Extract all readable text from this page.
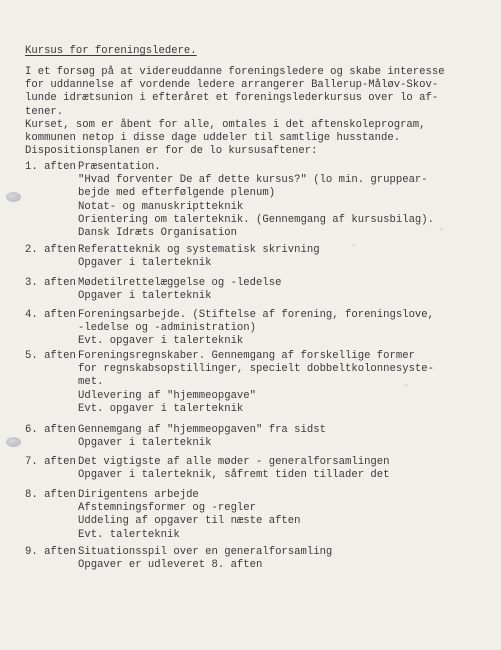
Kursus for foreningsledere.
I et forsøg på at videreuddanne foreningsledere og skabe interesse
for uddannelse af vordende ledere arrangerer Ballerup-Måløv-Skov-
lunde idrætsunion i efteråret et foreningslederkursus over lo af-
tener.
Kurset, som er åbent for alle, omtales i det aftenskoleprogram,
kommunen netop i disse dage uddeler til samtlige husstande.
Dispositionsplanen er for de lo kursusaftener:
1. aften Præsentation.
"Hvad forventer De af dette kursus?" (lo min. gruppear-
bejde med efterfølgende plenum)
Notat- og manuskriptteknik
Orientering om talerteknik. (Gennemgang af kursusbilag).
Dansk Idræts Organisation
2. aften Referatteknik og systematisk skrivning
Opgaver i talerteknik
3. aften Mødetilrettelæggelse og -ledelse
Opgaver i talerteknik
4. aften Foreningsarbejde. (Stiftelse af forening, foreningslove,
-ledelse og -administration)
Evt. opgaver i talerteknik
5. aften Foreningsregnskaber. Gennemgang af forskellige former
for regnskabsopstillinger, specielt dobbeltkolonnesyste-
met.
Udlevering af "hjemmeopgave"
Evt. opgaver i talerteknik
6. aften Gennemgang af "hjemmeopgaven" fra sidst
Opgaver i talerteknik
7. aften Det vigtigste af alle møder - generalforsamlingen
Opgaver i talerteknik, såfremt tiden tillader det
8. aften Dirigentens arbejde
Afstemningsformer og -regler
Uddeling af opgaver til næste aften
Evt. talerteknik
9. aften Situationsspil over en generalforsamling
Opgaver er udleveret 8. aften
